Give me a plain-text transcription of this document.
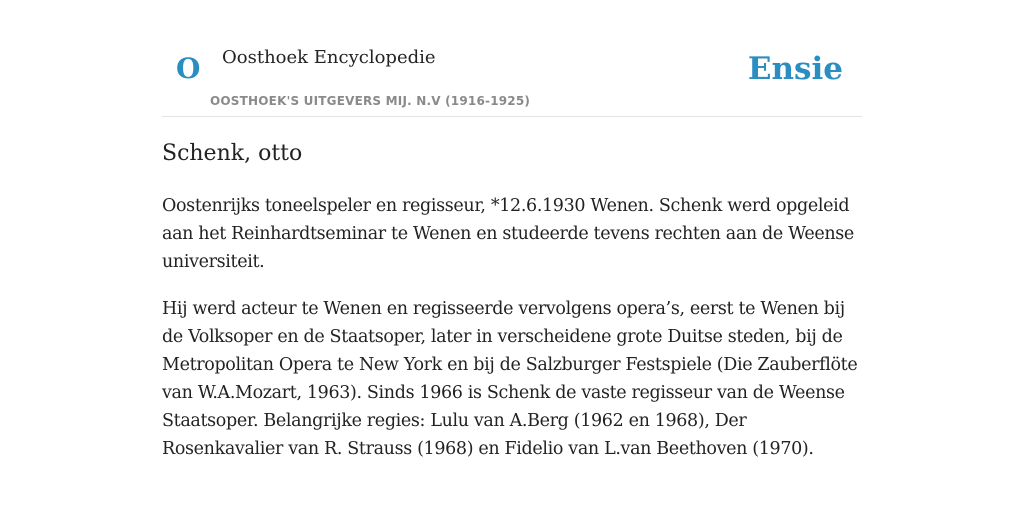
O Oosthoek Encyclopedie
OOSTHOEK'S UITGEVERS MIJ. N.V (1916-1925)
Ensie
Schenk, otto

Oostenrijks toneelspeler en regisseur, *12.6.1930 Wenen. Schenk werd opgeleid aan het Reinhardtseminar te Wenen en studeerde tevens rechten aan de Weense universiteit.

Hij werd acteur te Wenen en regisseerde vervolgens opera’s, eerst te Wenen bij de Volksoper en de Staatsoper, later in verscheidene grote Duitse steden, bij de Metropolitan Opera te New York en bij de Salzburger Festspiele (Die Zauberflöte van W.A.Mozart, 1963). Sinds 1966 is Schenk de vaste regisseur van de Weense Staatsoper. Belangrijke regies: Lulu van A.Berg (1962 en 1968), Der Rosenkavalier van R. Strauss (1968) en Fidelio van L.van Beethoven (1970).
